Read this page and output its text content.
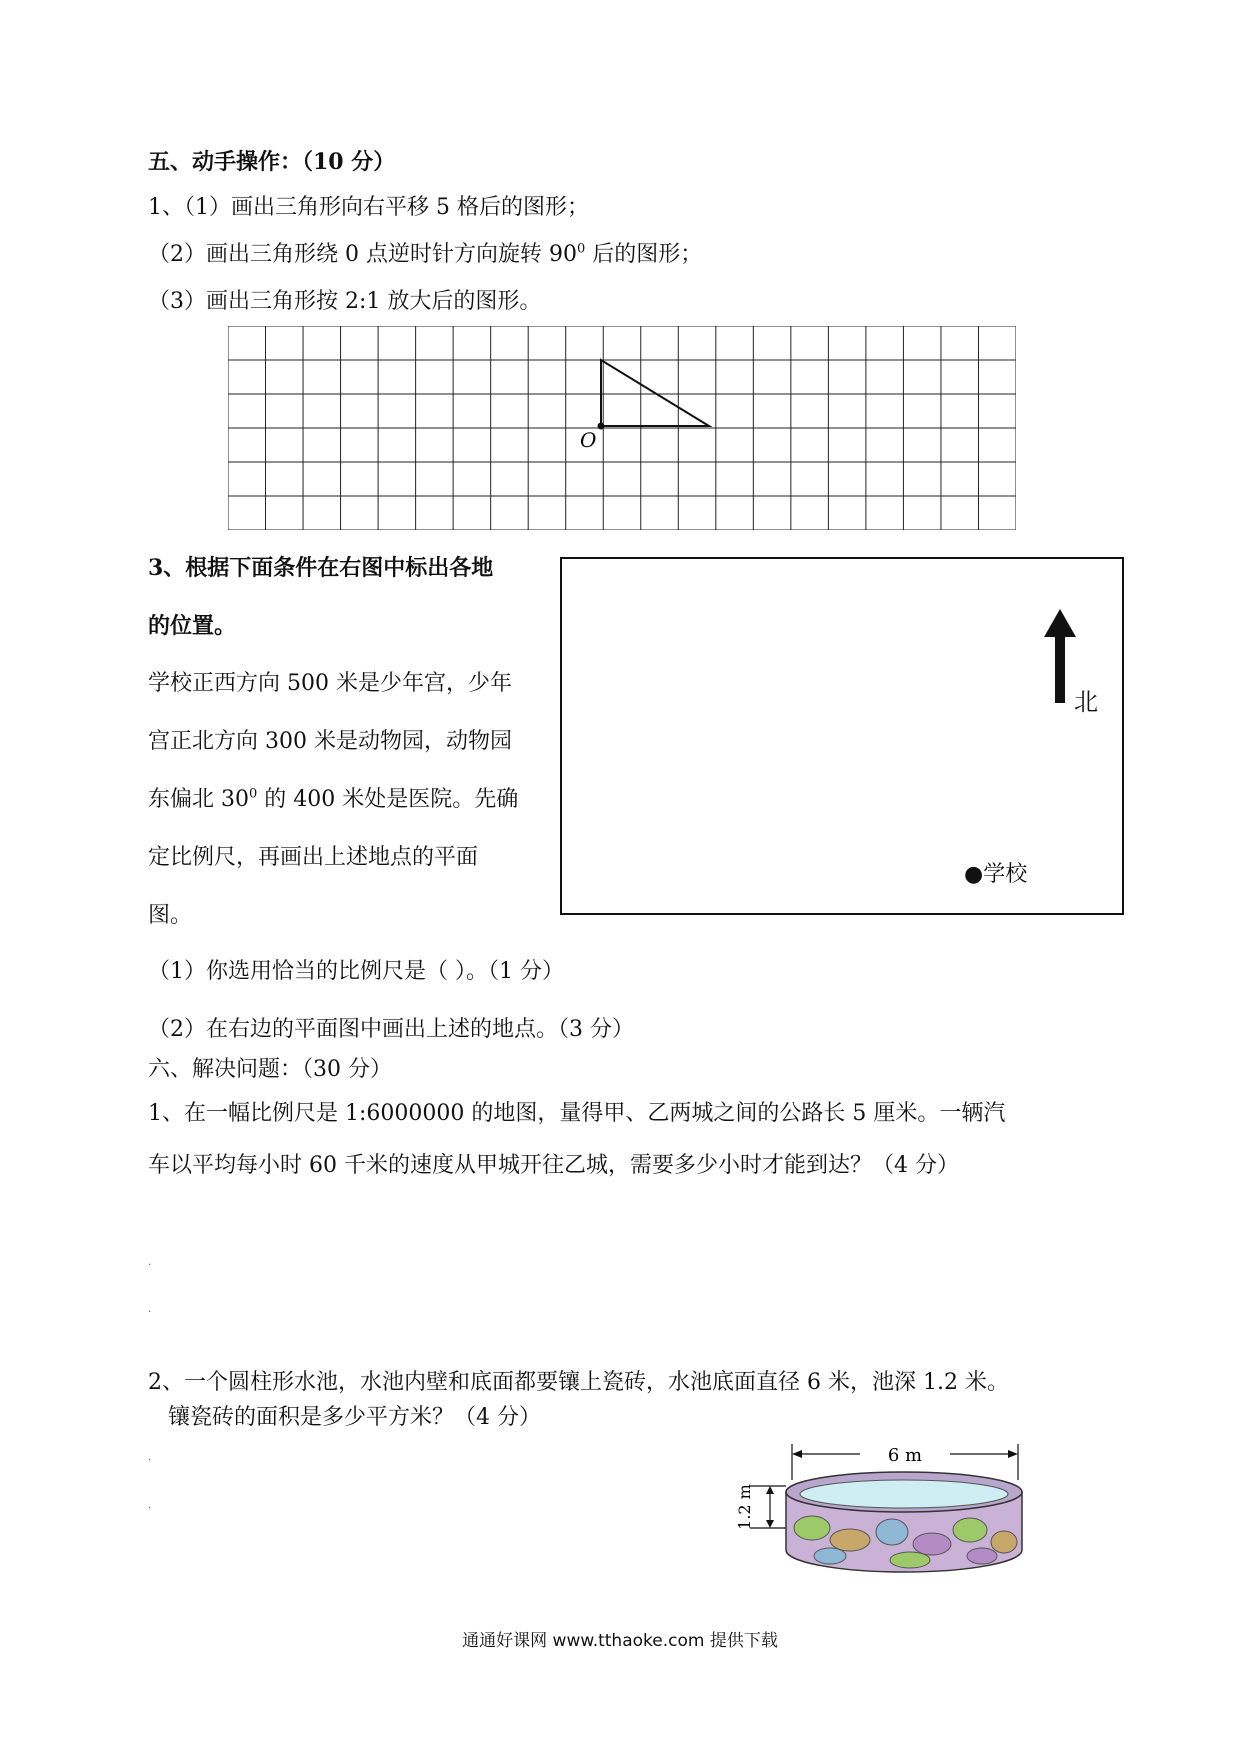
五、动手操作：（10 分）
1、（1）画出三角形向右平移 5 格后的图形；
（2）画出三角形绕 0 点逆时针方向旋转 $90^0$ 后的图形；
（3）画出三角形按 2:1 放大后的图形。
O
3、根据下面条件在右图中标出各地
的位置。
学校正西方向 500 米是少年宫，少年
宫正北方向 300 米是动物园，动物园
东偏北 $30^0$ 的 400 米处是医院。先确
定比例尺，再画出上述地点的平面
图。
北
●学校
（1）你选用恰当的比例尺是（ ）。（1 分）
（2）在右边的平面图中画出上述的地点。（3 分）
六、解决问题：（30 分）
1、在一幅比例尺是 1:6000000 的地图，量得甲、乙两城之间的公路长 5 厘米。一辆汽
车以平均每小时 60 千米的速度从甲城开往乙城，需要多少小时才能到达？（4 分）
.
.
2、一个圆柱形水池，水池内壁和底面都要镶上瓷砖，水池底面直径 6 米，池深 1.2 米。
镶瓷砖的面积是多少平方米？（4 分）
.
.
6 m
1.2 m
通通好课网 www.tthaoke.com 提供下载
